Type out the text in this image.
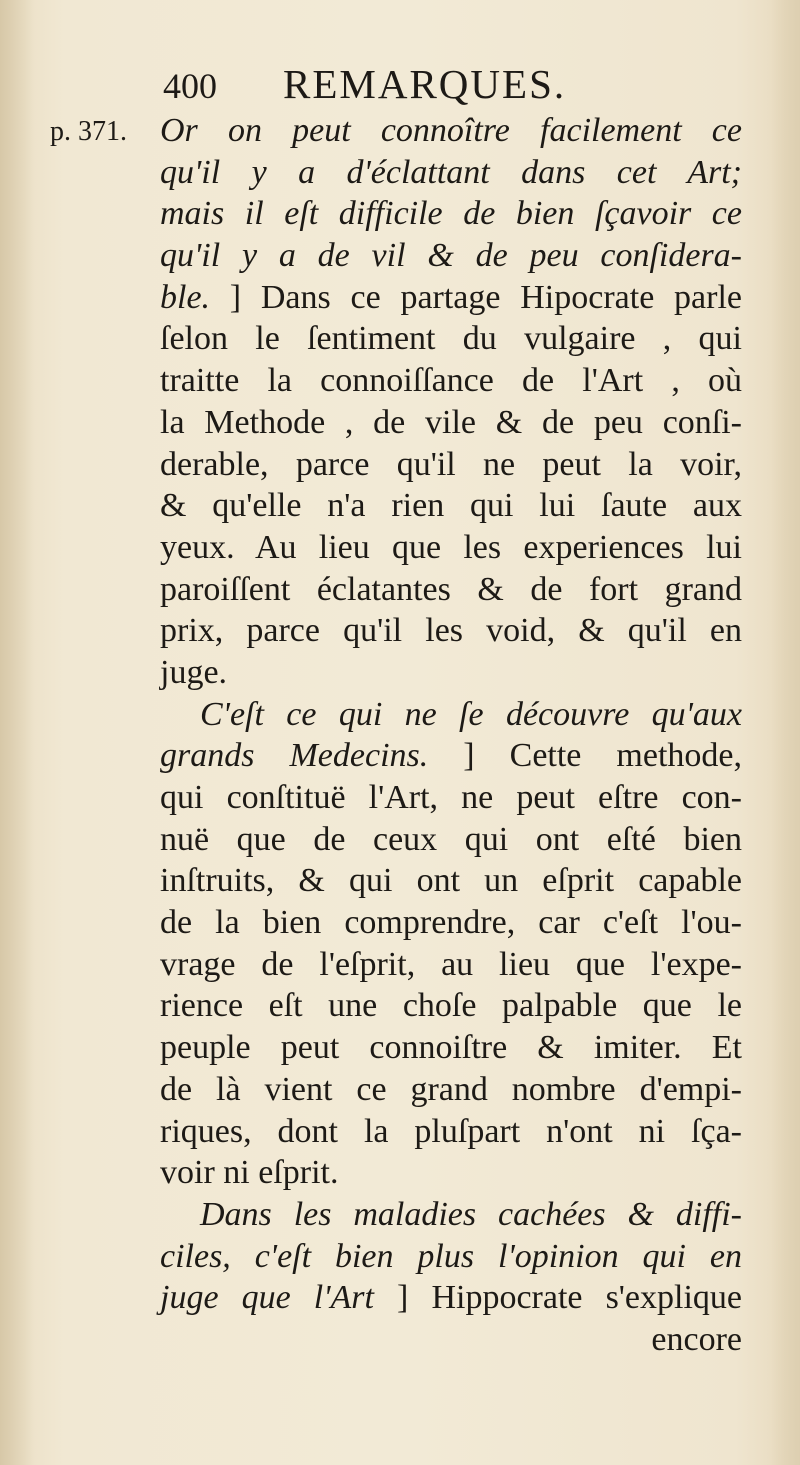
400 REMARQUES.
p. 371. Or on peut connoître facilement ce
qu'il y a d'éclattant dans cet Art;
mais il eſt difficile de bien ſçavoir ce
qu'il y a de vil & de peu conſidera-
ble. ] Dans ce partage Hipocrate parle
ſelon le ſentiment du vulgaire , qui
traitte la connoiſſance de l'Art , où
la Methode , de vile & de peu conſi-
derable, parce qu'il ne peut la voir,
& qu'elle n'a rien qui lui ſaute aux
yeux. Au lieu que les experiences lui
paroiſſent éclatantes & de fort grand
prix, parce qu'il les void, & qu'il en
juge.
C'eſt ce qui ne ſe découvre qu'aux
grands Medecins. ] Cette methode,
qui conſtituë l'Art, ne peut eſtre con-
nuë que de ceux qui ont eſté bien
inſtruits, & qui ont un eſprit capable
de la bien comprendre, car c'eſt l'ou-
vrage de l'eſprit, au lieu que l'expe-
rience eſt une choſe palpable que le
peuple peut connoiſtre & imiter. Et
de là vient ce grand nombre d'empi-
riques, dont la pluſpart n'ont ni ſça-
voir ni eſprit.
Dans les maladies cachées & diffi-
ciles, c'eſt bien plus l'opinion qui en
juge que l'Art ] Hippocrate s'explique
encore
